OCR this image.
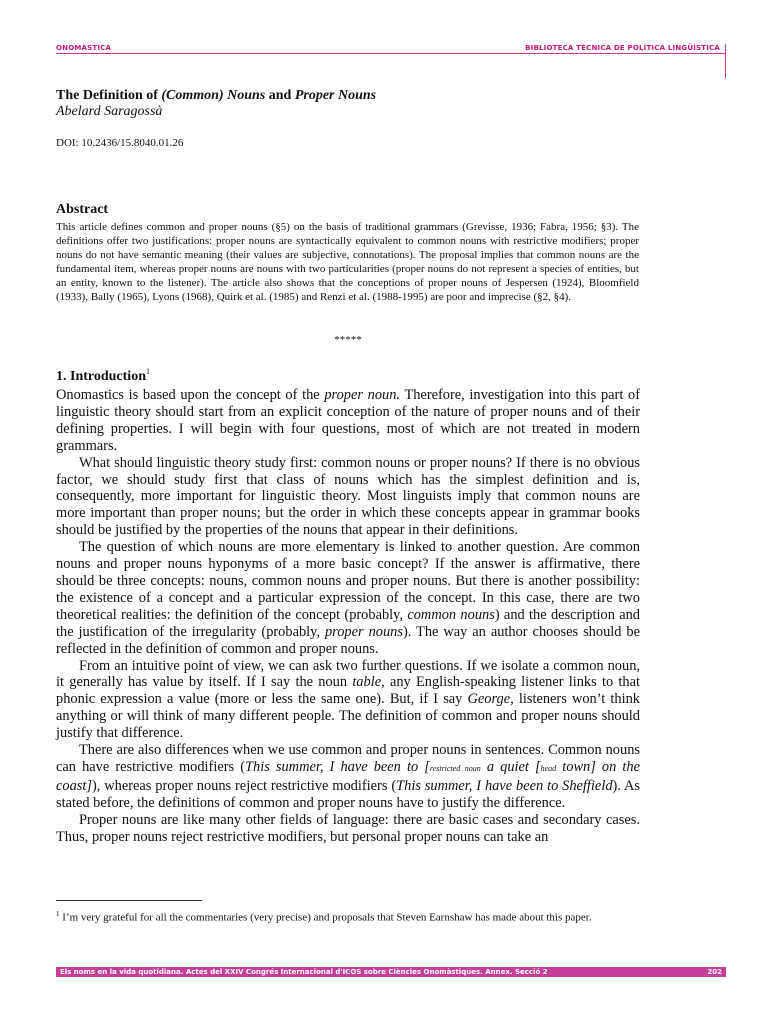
ONOMÀSTICA	BIBLIOTECA TÈCNICA DE POLÍTICA LINGÜÍSTICA
The Definition of (Common) Nouns and Proper Nouns
Abelard Saragossà
DOI: 10.2436/15.8040.01.26
Abstract
This article defines common and proper nouns (§5) on the basis of traditional grammars (Grevisse, 1936; Fabra, 1956; §3). The definitions offer two justifications: proper nouns are syntactically equivalent to common nouns with restrictive modifiers; proper nouns do not have semantic meaning (their values are subjective, connotations). The proposal implies that common nouns are the fundamental item, whereas proper nouns are nouns with two particularities (proper nouns do not represent a species of entities, but an entity, known to the listener). The article also shows that the conceptions of proper nouns of Jespersen (1924), Bloomfield (1933), Bally (1965), Lyons (1968), Quirk et al. (1985) and Renzi et al. (1988-1995) are poor and imprecise (§2, §4).
*****
1. Introduction$^1$

Onomastics is based upon the concept of the proper noun. Therefore, investigation into this part of linguistic theory should start from an explicit conception of the nature of proper nouns and of their defining properties. I will begin with four questions, most of which are not treated in modern grammars.

What should linguistic theory study first: common nouns or proper nouns? If there is no obvious factor, we should study first that class of nouns which has the simplest definition and is, consequently, more important for linguistic theory. Most linguists imply that common nouns are more important than proper nouns; but the order in which these concepts appear in grammar books should be justified by the properties of the nouns that appear in their definitions.

The question of which nouns are more elementary is linked to another question. Are common nouns and proper nouns hyponyms of a more basic concept? If the answer is affirmative, there should be three concepts: nouns, common nouns and proper nouns. But there is another possibility: the existence of a concept and a particular expression of the concept. In this case, there are two theoretical realities: the definition of the concept (probably, common nouns) and the description and the justification of the irregularity (probably, proper nouns). The way an author chooses should be reflected in the definition of common and proper nouns.

From an intuitive point of view, we can ask two further questions. If we isolate a common noun, it generally has value by itself. If I say the noun table, any English-speaking listener links to that phonic expression a value (more or less the same one). But, if I say George, listeners won’t think anything or will think of many different people. The definition of common and proper nouns should justify that difference.

There are also differences when we use common and proper nouns in sentences. Common nouns can have restrictive modifiers (This summer, I have been to [restricted noun a quiet [head town] on the coast]), whereas proper nouns reject restrictive modifiers (This summer, I have been to Sheffield). As stated before, the definitions of common and proper nouns have to justify the difference.

Proper nouns are like many other fields of language: there are basic cases and secondary cases. Thus, proper nouns reject restrictive modifiers, but personal proper nouns can take an

$^1$ I’m very grateful for all the commentaries (very precise) and proposals that Steven Earnshaw has made about this paper.
Els noms en la vida quotidiana. Actes del XXIV Congrés Internacional d'ICOS sobre Ciències Onomàstiques. Annex. Secció 2	202
